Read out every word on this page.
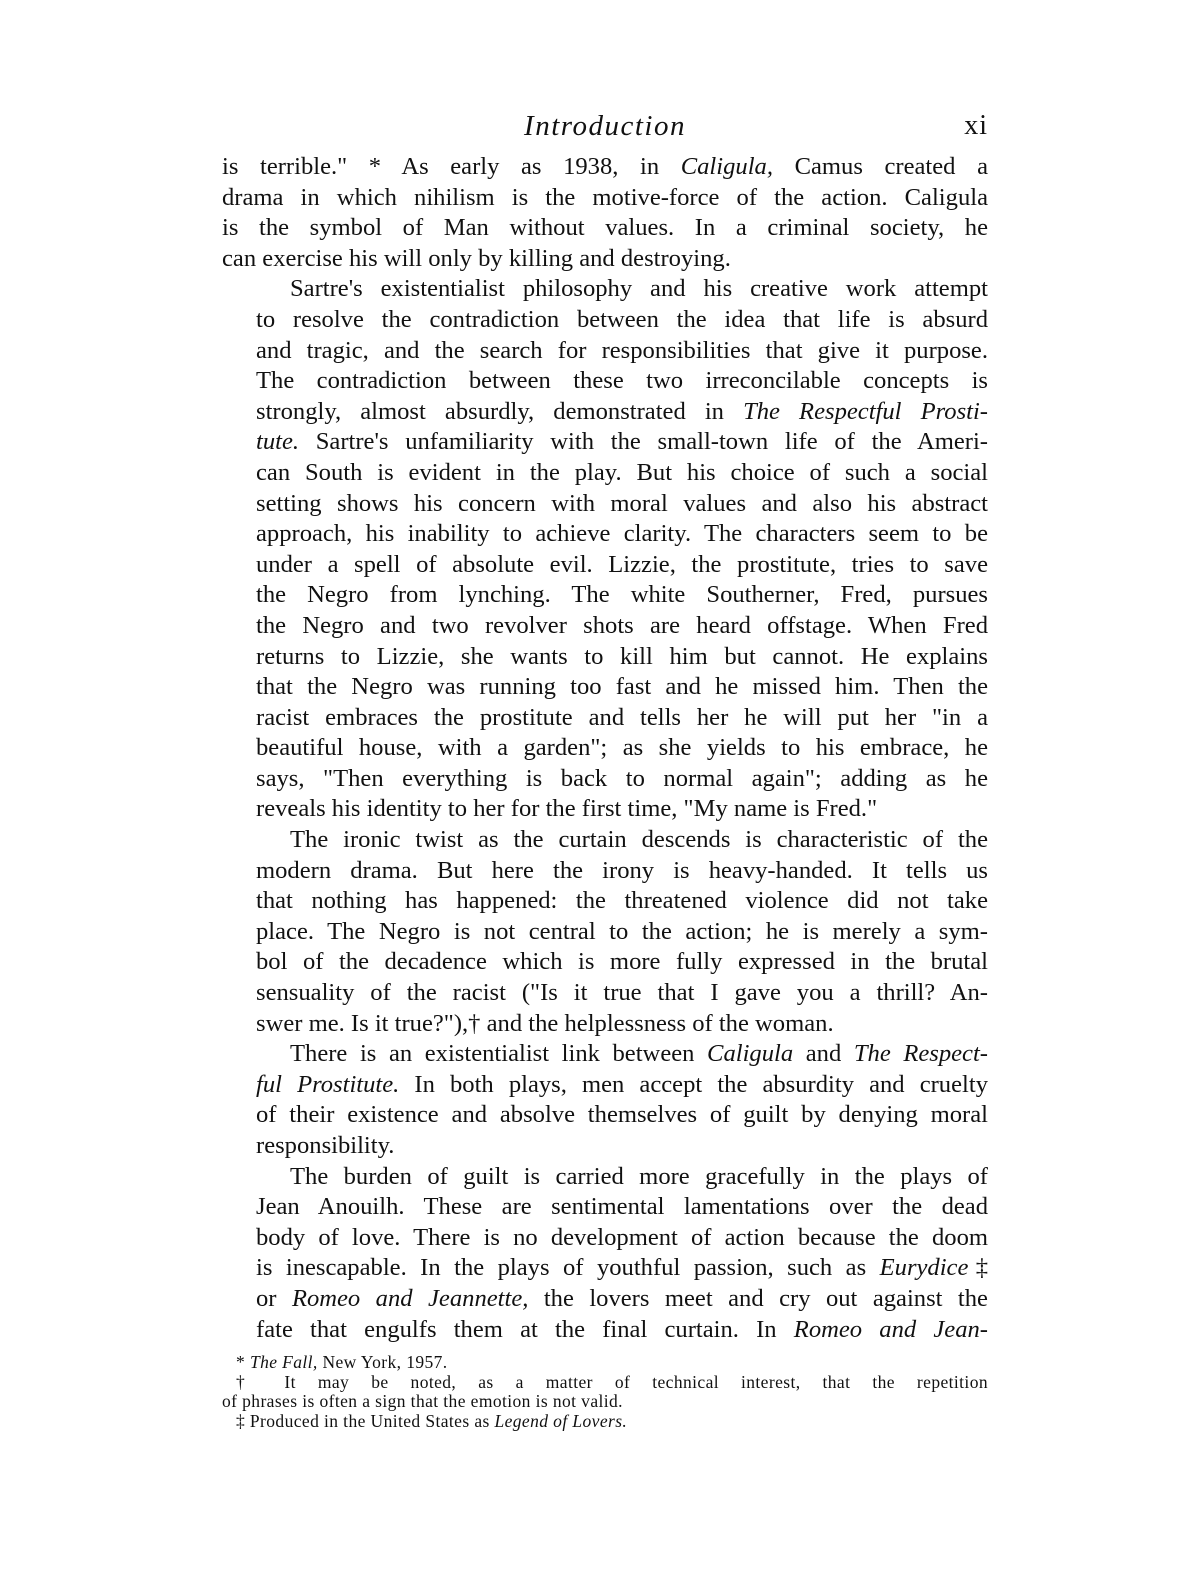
Introduction	xi
is terrible." * As early as 1938, in Caligula, Camus created a
drama in which nihilism is the motive-force of the action. Caligula
is the symbol of Man without values. In a criminal society, he
can exercise his will only by killing and destroying.
Sartre's existentialist philosophy and his creative work attempt
to resolve the contradiction between the idea that life is absurd
and tragic, and the search for responsibilities that give it purpose.
The contradiction between these two irreconcilable concepts is
strongly, almost absurdly, demonstrated in The Respectful Prosti-
tute. Sartre's unfamiliarity with the small-town life of the Ameri-
can South is evident in the play. But his choice of such a social
setting shows his concern with moral values and also his abstract
approach, his inability to achieve clarity. The characters seem to be
under a spell of absolute evil. Lizzie, the prostitute, tries to save
the Negro from lynching. The white Southerner, Fred, pursues
the Negro and two revolver shots are heard offstage. When Fred
returns to Lizzie, she wants to kill him but cannot. He explains
that the Negro was running too fast and he missed him. Then the
racist embraces the prostitute and tells her he will put her "in a
beautiful house, with a garden"; as she yields to his embrace, he
says, "Then everything is back to normal again"; adding as he
reveals his identity to her for the first time, "My name is Fred."
The ironic twist as the curtain descends is characteristic of the
modern drama. But here the irony is heavy-handed. It tells us
that nothing has happened: the threatened violence did not take
place. The Negro is not central to the action; he is merely a sym-
bol of the decadence which is more fully expressed in the brutal
sensuality of the racist ("Is it true that I gave you a thrill? An-
swer me. Is it true?"),† and the helplessness of the woman.
There is an existentialist link between Caligula and The Respect-
ful Prostitute. In both plays, men accept the absurdity and cruelty
of their existence and absolve themselves of guilt by denying moral
responsibility.
The burden of guilt is carried more gracefully in the plays of
Jean Anouilh. These are sentimental lamentations over the dead
body of love. There is no development of action because the doom
is inescapable. In the plays of youthful passion, such as Eurydice‡
or Romeo and Jeannette, the lovers meet and cry out against the
fate that engulfs them at the final curtain. In Romeo and Jean-
* The Fall, New York, 1957.
† It may be noted, as a matter of technical interest, that the repetition
of phrases is often a sign that the emotion is not valid.
‡ Produced in the United States as Legend of Lovers.
